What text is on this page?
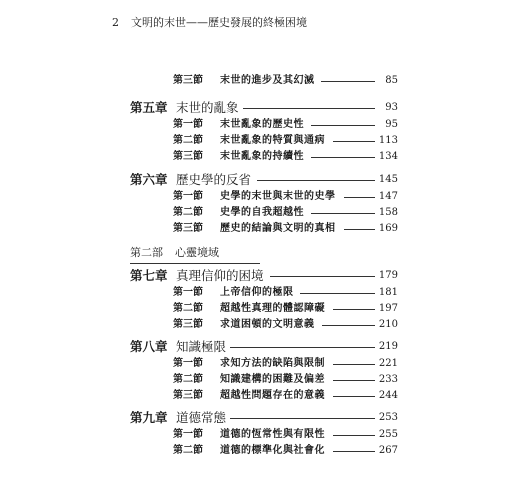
2 文明的末世——歷史發展的終極困境
第三節 末世的進步及其幻滅	85
第五章 末世的亂象	93
第一節 末世亂象的歷史性	95
第二節 末世亂象的特質與通病	113
第三節 末世亂象的持續性	134
第六章 歷史學的反省	145
第一節 史學的末世與末世的史學	147
第二節 史學的自我超越性	158
第三節 歷史的結論與文明的真相	169
第二部 心靈境域
第七章 真理信仰的困境	179
第一節 上帝信仰的極限	181
第二節 超越性真理的體認障礙	197
第三節 求道困頓的文明意義	210
第八章 知識極限	219
第一節 求知方法的缺陷與限制	221
第二節 知識建構的困難及偏差	233
第三節 超越性問題存在的意義	244
第九章 道德常態	253
第一節 道德的恆常性與有限性	255
第二節 道德的標準化與社會化	267
